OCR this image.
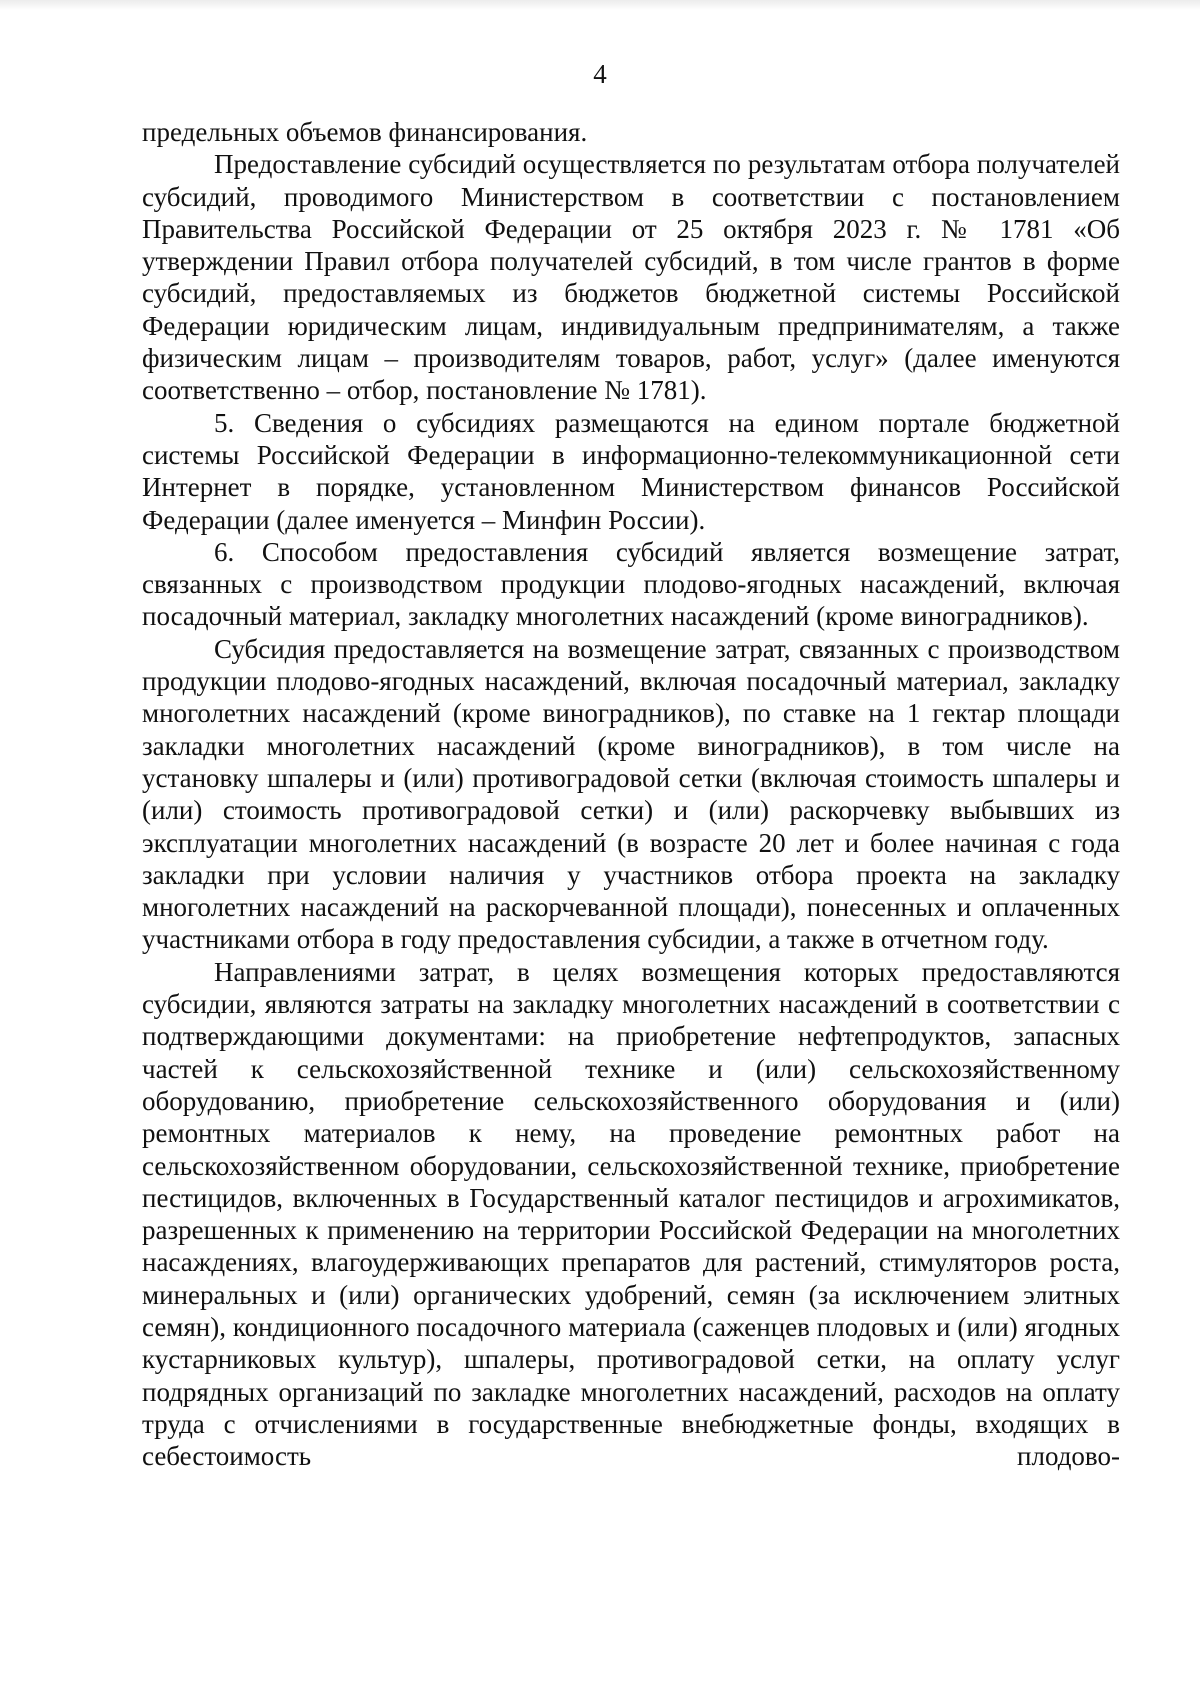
4

предельных объемов финансирования.

Предоставление субсидий осуществляется по результатам отбора получателей субсидий, проводимого Министерством в соответствии с постановлением Правительства Российской Федерации от 25 октября 2023 г. № 1781 «Об утверждении Правил отбора получателей субсидий, в том числе грантов в форме субсидий, предоставляемых из бюджетов бюджетной системы Российской Федерации юридическим лицам, индивидуальным предпринимателям, а также физическим лицам – производителям товаров, работ, услуг» (далее именуются соответственно – отбор, постановление № 1781).

5. Сведения о субсидиях размещаются на едином портале бюджетной системы Российской Федерации в информационно-телекоммуникационной сети Интернет в порядке, установленном Министерством финансов Российской Федерации (далее именуется – Минфин России).

6. Способом предоставления субсидий является возмещение затрат, связанных с производством продукции плодово-ягодных насаждений, включая посадочный материал, закладку многолетних насаждений (кроме виноградников).

Субсидия предоставляется на возмещение затрат, связанных с производством продукции плодово-ягодных насаждений, включая посадочный материал, закладку многолетних насаждений (кроме виноградников), по ставке на 1 гектар площади закладки многолетних насаждений (кроме виноградников), в том числе на установку шпалеры и (или) противоградовой сетки (включая стоимость шпалеры и (или) стоимость противоградовой сетки) и (или) раскорчевку выбывших из эксплуатации многолетних насаждений (в возрасте 20 лет и более начиная с года закладки при условии наличия у участников отбора проекта на закладку многолетних насаждений на раскорчеванной площади), понесенных и оплаченных участниками отбора в году предоставления субсидии, а также в отчетном году.

Направлениями затрат, в целях возмещения которых предоставляются субсидии, являются затраты на закладку многолетних насаждений в соответствии с подтверждающими документами: на приобретение нефтепродуктов, запасных частей к сельскохозяйственной технике и (или) сельскохозяйственному оборудованию, приобретение сельскохозяйственного оборудования и (или) ремонтных материалов к нему, на проведение ремонтных работ на сельскохозяйственном оборудовании, сельскохозяйственной технике, приобретение пестицидов, включенных в Государственный каталог пестицидов и агрохимикатов, разрешенных к применению на территории Российской Федерации на многолетних насаждениях, влагоудерживающих препаратов для растений, стимуляторов роста, минеральных и (или) органических удобрений, семян (за исключением элитных семян), кондиционного посадочного материала (саженцев плодовых и (или) ягодных кустарниковых культур), шпалеры, противоградовой сетки, на оплату услуг подрядных организаций по закладке многолетних насаждений, расходов на оплату труда с отчислениями в государственные внебюджетные фонды, входящих в себестоимость плодово-
